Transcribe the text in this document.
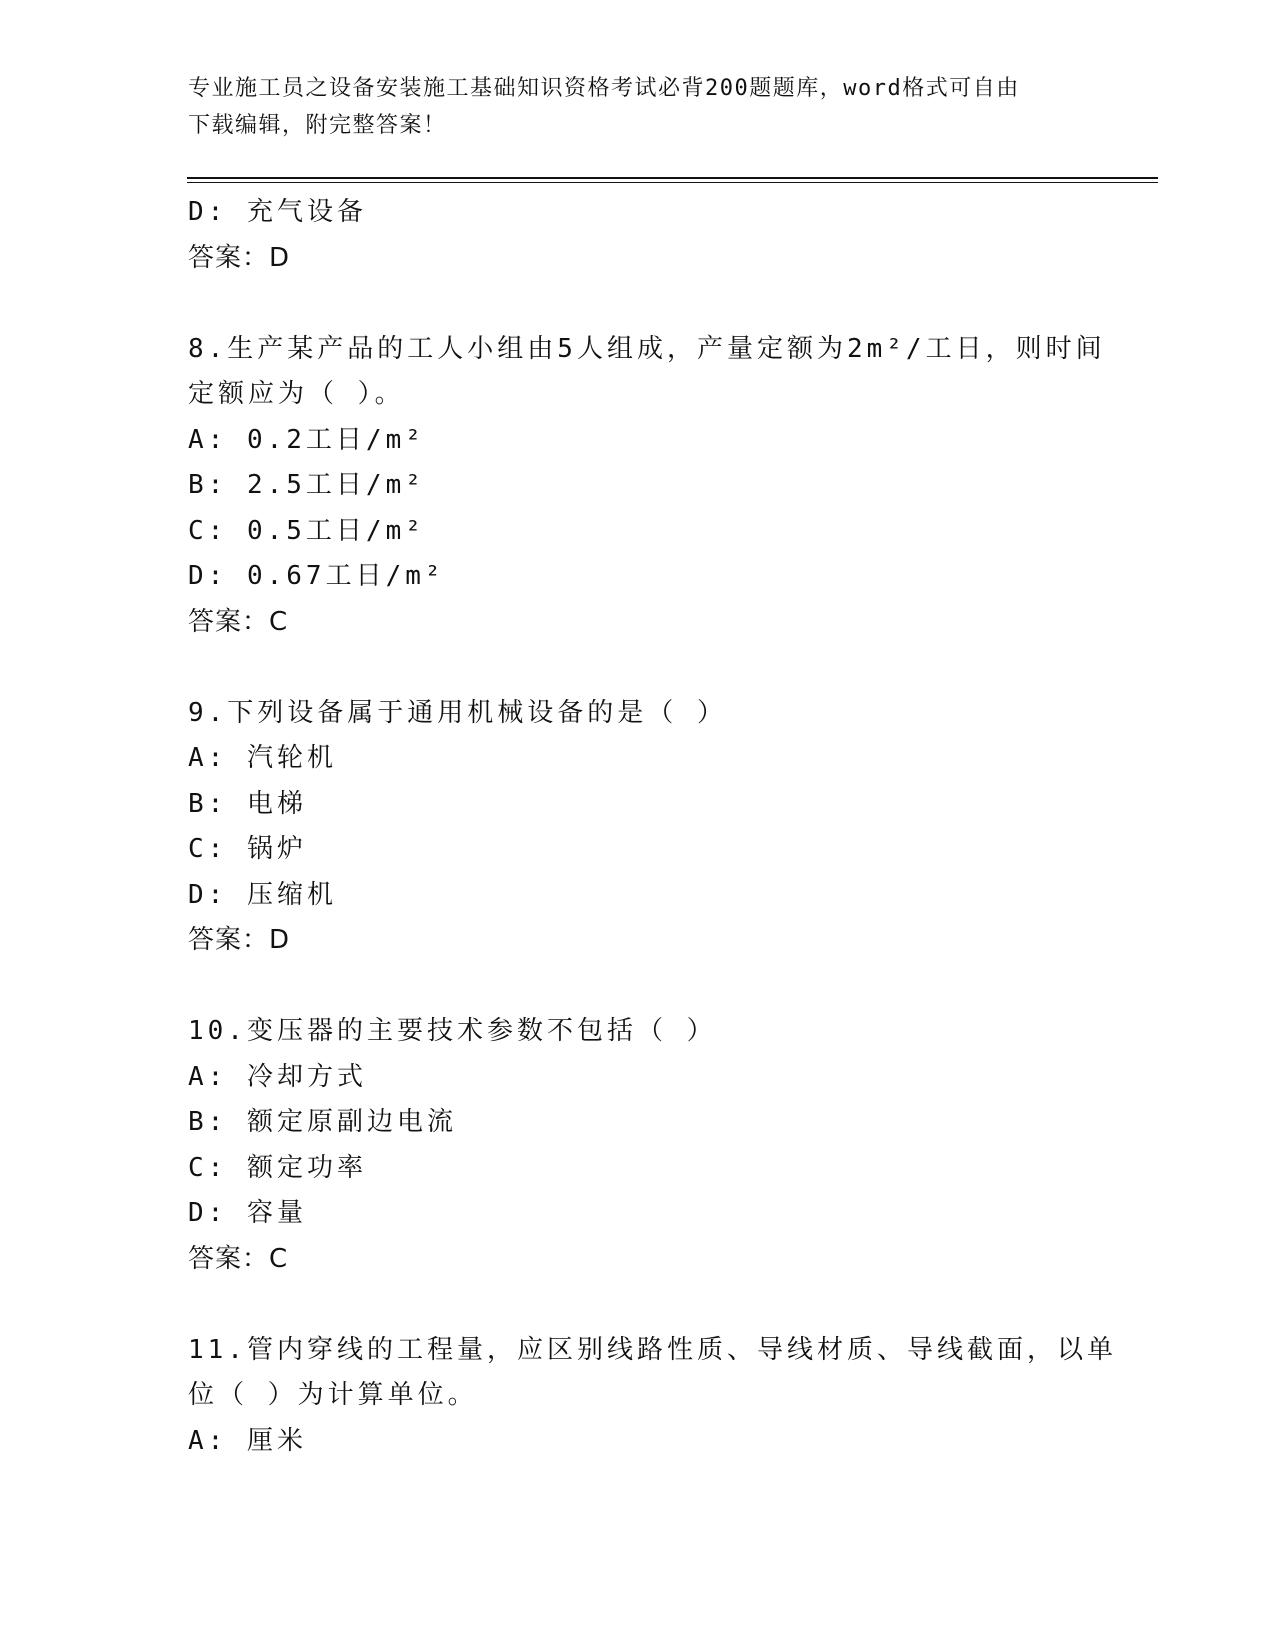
专业施工员之设备安装施工基础知识资格考试必背200题题库，word格式可自由
下载编辑，附完整答案！
D: 充气设备
答案：D
8.生产某产品的工人小组由5人组成，产量定额为2m²/工日，则时间
定额应为（ ）。
A: 0.2工日/m²
B: 2.5工日/m²
C: 0.5工日/m²
D: 0.67工日/m²
答案：C
9.下列设备属于通用机械设备的是（ ）
A: 汽轮机
B: 电梯
C: 锅炉
D: 压缩机
答案：D
10.变压器的主要技术参数不包括（ ）
A: 冷却方式
B: 额定原副边电流
C: 额定功率
D: 容量
答案：C
11.管内穿线的工程量，应区别线路性质、导线材质、导线截面，以单
位（ ）为计算单位。
A: 厘米
